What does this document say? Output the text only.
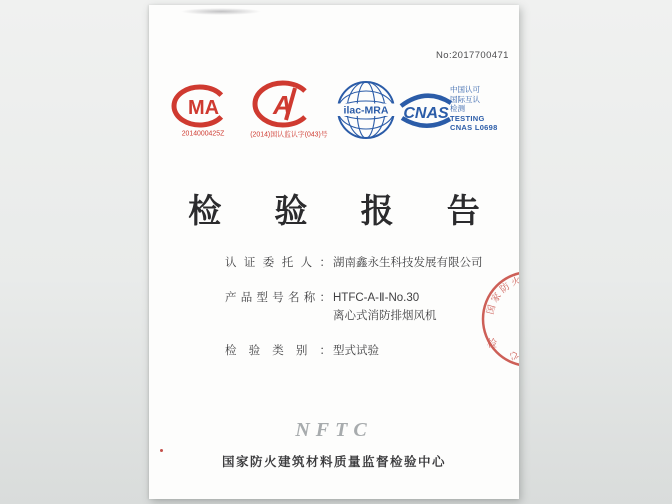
No:2017700471
MA
2014000425Z
A
(2014)国认监认字(043)号
ilac-MRA CNAS
中国认可
国际互认
检测
TESTING
CNAS L0698
检 验 报 告
认证委托人： 湖南鑫永生科技发展有限公司
产品型号名称： HTFC-A-Ⅱ-No.30
离心式消防排烟风机
检验类别： 型式试验
国家防火建筑材料质量监督检验中心
检
NFTC
国家防火建筑材料质量监督检验中心
